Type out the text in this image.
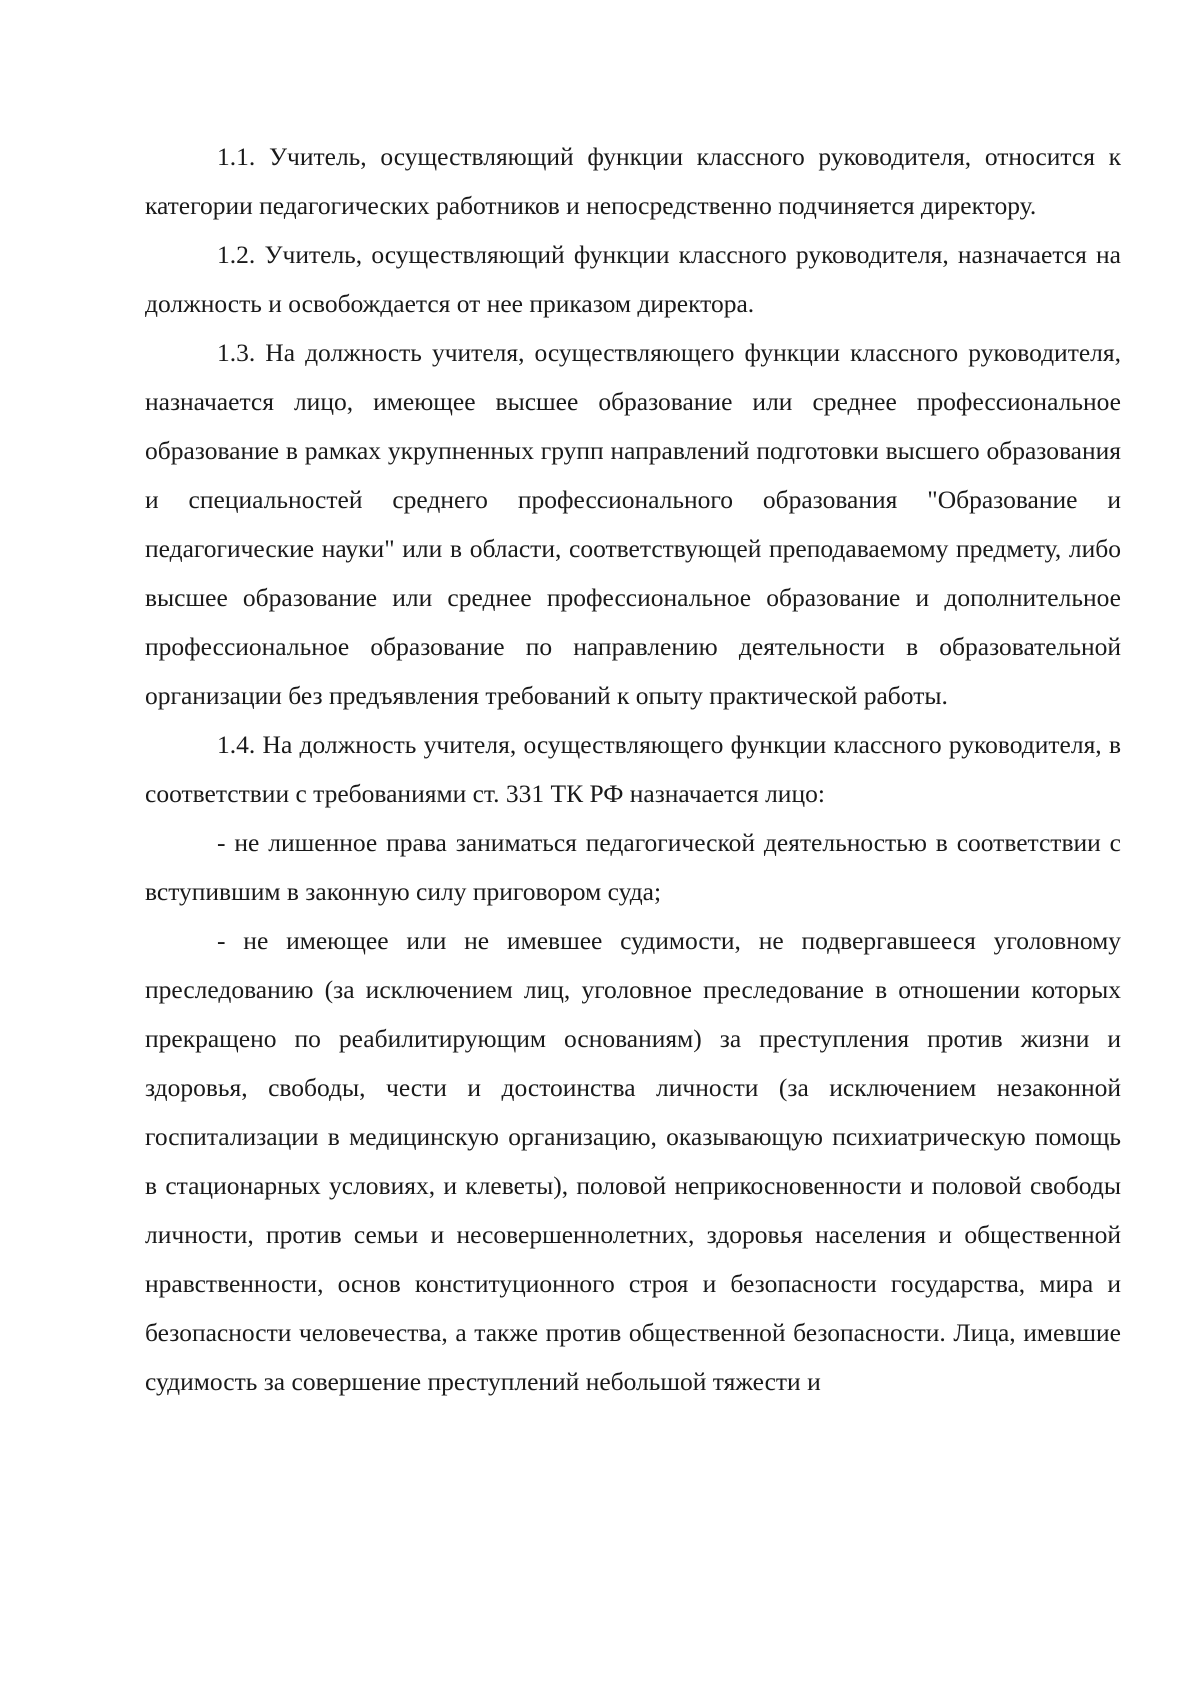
1.1. Учитель, осуществляющий функции классного руководителя, относится к категории педагогических работников и непосредственно подчиняется директору.

1.2. Учитель, осуществляющий функции классного руководителя, назначается на должность и освобождается от нее приказом директора.

1.3. На должность учителя, осуществляющего функции классного руководителя, назначается лицо, имеющее высшее образование или среднее профессиональное образование в рамках укрупненных групп направлений подготовки высшего образования и специальностей среднего профессионального образования "Образование и педагогические науки" или в области, соответствующей преподаваемому предмету, либо высшее образование или среднее профессиональное образование и дополнительное профессиональное образование по направлению деятельности в образовательной организации без предъявления требований к опыту практической работы.

1.4. На должность учителя, осуществляющего функции классного руководителя, в соответствии с требованиями ст. 331 ТК РФ назначается лицо:

- не лишенное права заниматься педагогической деятельностью в соответствии с вступившим в законную силу приговором суда;

- не имеющее или не имевшее судимости, не подвергавшееся уголовному преследованию (за исключением лиц, уголовное преследование в отношении которых прекращено по реабилитирующим основаниям) за преступления против жизни и здоровья, свободы, чести и достоинства личности (за исключением незаконной госпитализации в медицинскую организацию, оказывающую психиатрическую помощь в стационарных условиях, и клеветы), половой неприкосновенности и половой свободы личности, против семьи и несовершеннолетних, здоровья населения и общественной нравственности, основ конституционного строя и безопасности государства, мира и безопасности человечества, а также против общественной безопасности. Лица, имевшие судимость за совершение преступлений небольшой тяжести и
